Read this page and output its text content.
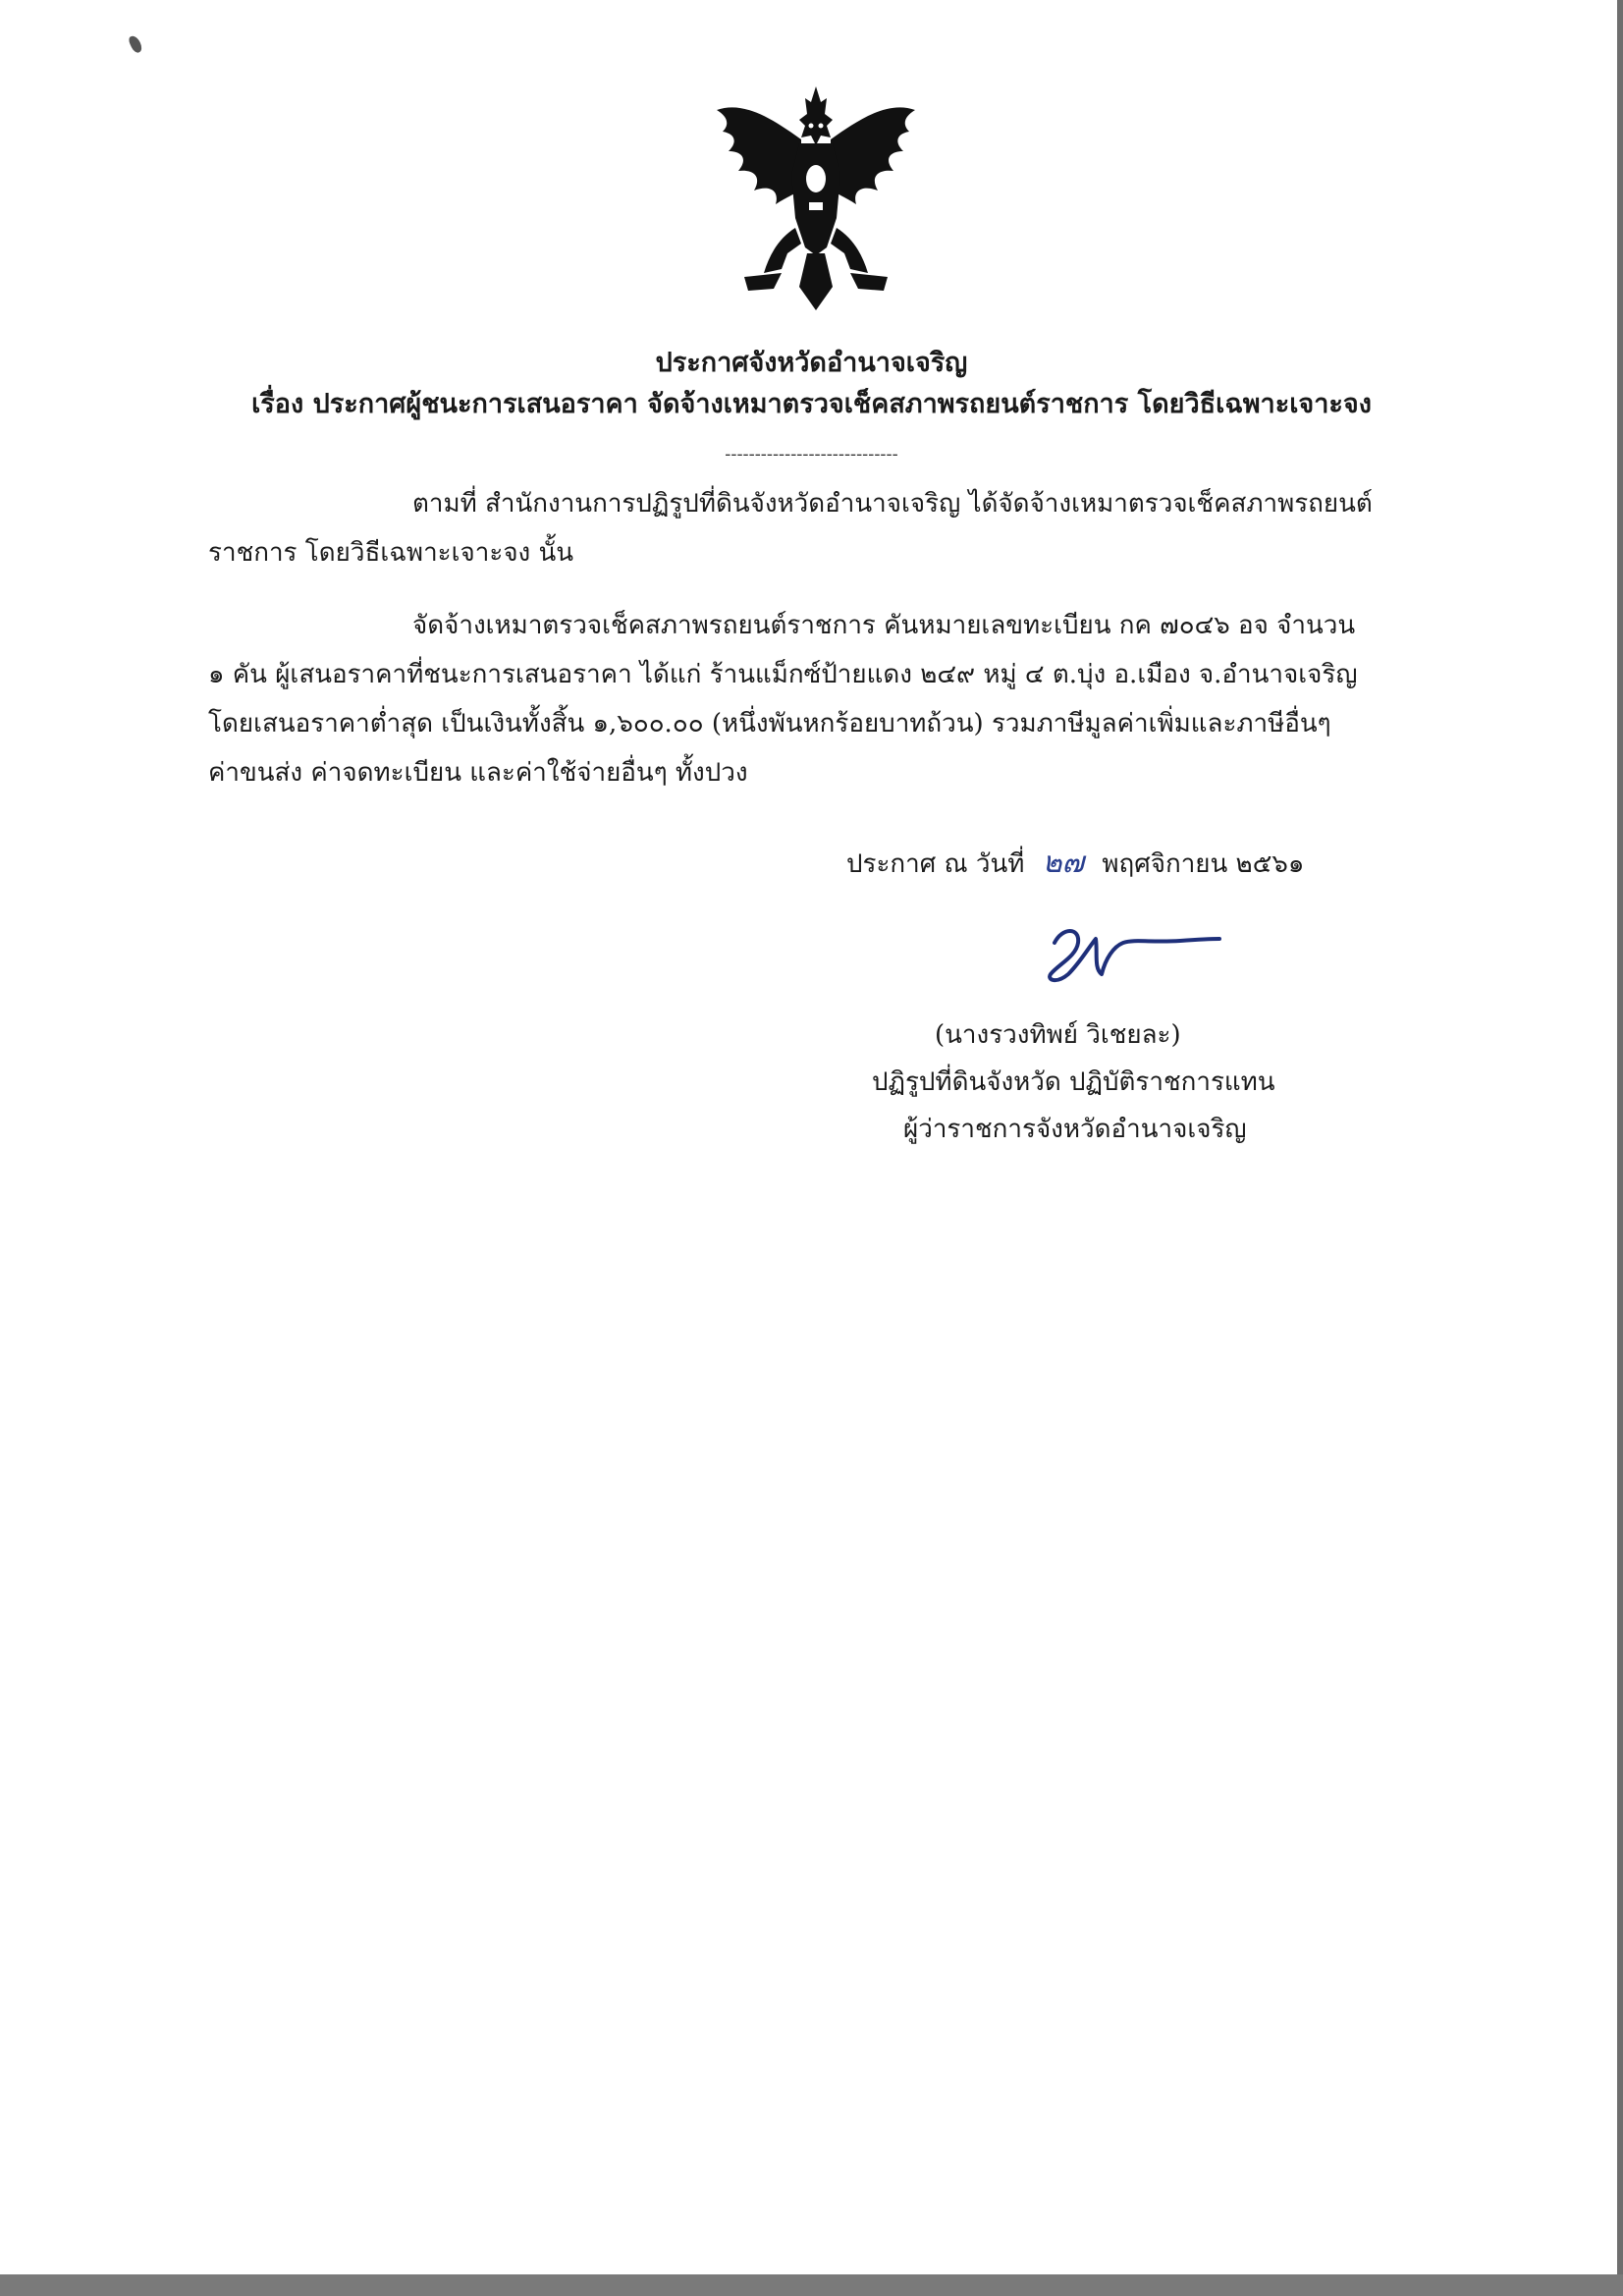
ประกาศจังหวัดอำนาจเจริญ
เรื่อง ประกาศผู้ชนะการเสนอราคา จัดจ้างเหมาตรวจเช็คสภาพรถยนต์ราชการ โดยวิธีเฉพาะเจาะจง
-----------------------------
ตามที่ สำนักงานการปฏิรูปที่ดินจังหวัดอำนาจเจริญ ได้จัดจ้างเหมาตรวจเช็คสภาพรถยนต์
ราชการ โดยวิธีเฉพาะเจาะจง นั้น
จัดจ้างเหมาตรวจเช็คสภาพรถยนต์ราชการ คันหมายเลขทะเบียน กค ๗๐๔๖ อจ จำนวน
๑ คัน ผู้เสนอราคาที่ชนะการเสนอราคา ได้แก่ ร้านแม็กซ์ป้ายแดง ๒๔๙ หมู่ ๔ ต.บุ่ง อ.เมือง จ.อำนาจเจริญ
โดยเสนอราคาต่ำสุด เป็นเงินทั้งสิ้น ๑,๖๐๐.๐๐ (หนึ่งพันหกร้อยบาทถ้วน) รวมภาษีมูลค่าเพิ่มและภาษีอื่นๆ
ค่าขนส่ง ค่าจดทะเบียน และค่าใช้จ่ายอื่นๆ ทั้งปวง
ประกาศ ณ วันที่ ๒๗ พฤศจิกายน ๒๕๖๑
(นางรวงทิพย์ วิเชยละ)
ปฏิรูปที่ดินจังหวัด ปฏิบัติราชการแทน
ผู้ว่าราชการจังหวัดอำนาจเจริญ
